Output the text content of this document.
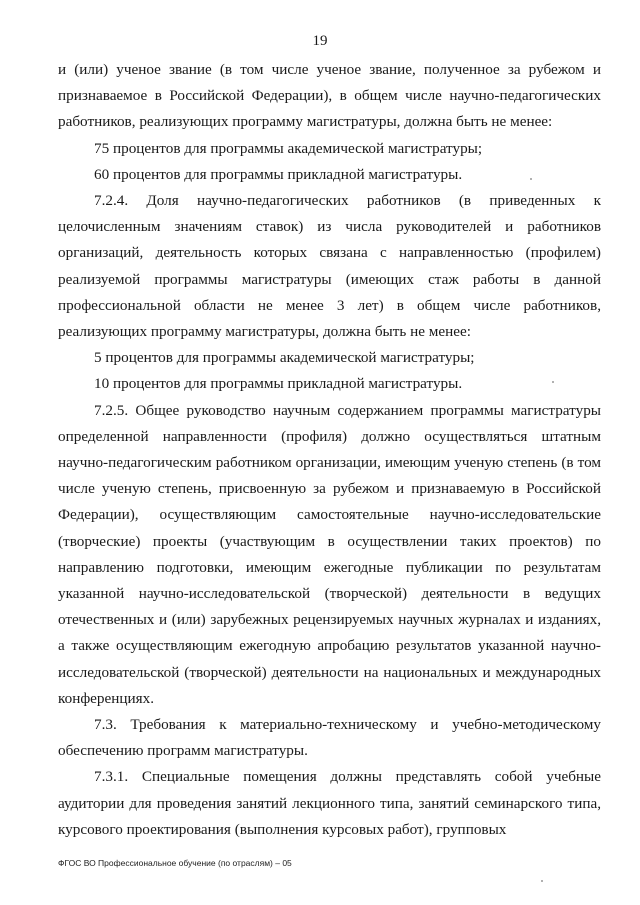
19

и (или) ученое звание (в том числе ученое звание, полученное за рубежом и признаваемое в Российской Федерации), в общем числе научно-педагогических работников, реализующих программу магистратуры, должна быть не менее:

75 процентов для программы академической магистратуры;

60 процентов для программы прикладной магистратуры.

7.2.4. Доля научно-педагогических работников (в приведенных к целочисленным значениям ставок) из числа руководителей и работников организаций, деятельность которых связана с направленностью (профилем) реализуемой программы магистратуры (имеющих стаж работы в данной профессиональной области не менее 3 лет) в общем числе работников, реализующих программу магистратуры, должна быть не менее:

5 процентов для программы академической магистратуры;

10 процентов для программы прикладной магистратуры.

7.2.5. Общее руководство научным содержанием программы магистратуры определенной направленности (профиля) должно осуществляться штатным научно-педагогическим работником организации, имеющим ученую степень (в том числе ученую степень, присвоенную за рубежом и признаваемую в Российской Федерации), осуществляющим самостоятельные научно-исследовательские (творческие) проекты (участвующим в осуществлении таких проектов) по направлению подготовки, имеющим ежегодные публикации по результатам указанной научно-исследовательской (творческой) деятельности в ведущих отечественных и (или) зарубежных рецензируемых научных журналах и изданиях, а также осуществляющим ежегодную апробацию результатов указанной научно-исследовательской (творческой) деятельности на национальных и международных конференциях.

7.3. Требования к материально-техническому и учебно-методическому обеспечению программ магистратуры.

7.3.1. Специальные помещения должны представлять собой учебные аудитории для проведения занятий лекционного типа, занятий семинарского типа, курсового проектирования (выполнения курсовых работ), групповых

ФГОС ВО Профессиональное обучение (по отраслям) – 05
